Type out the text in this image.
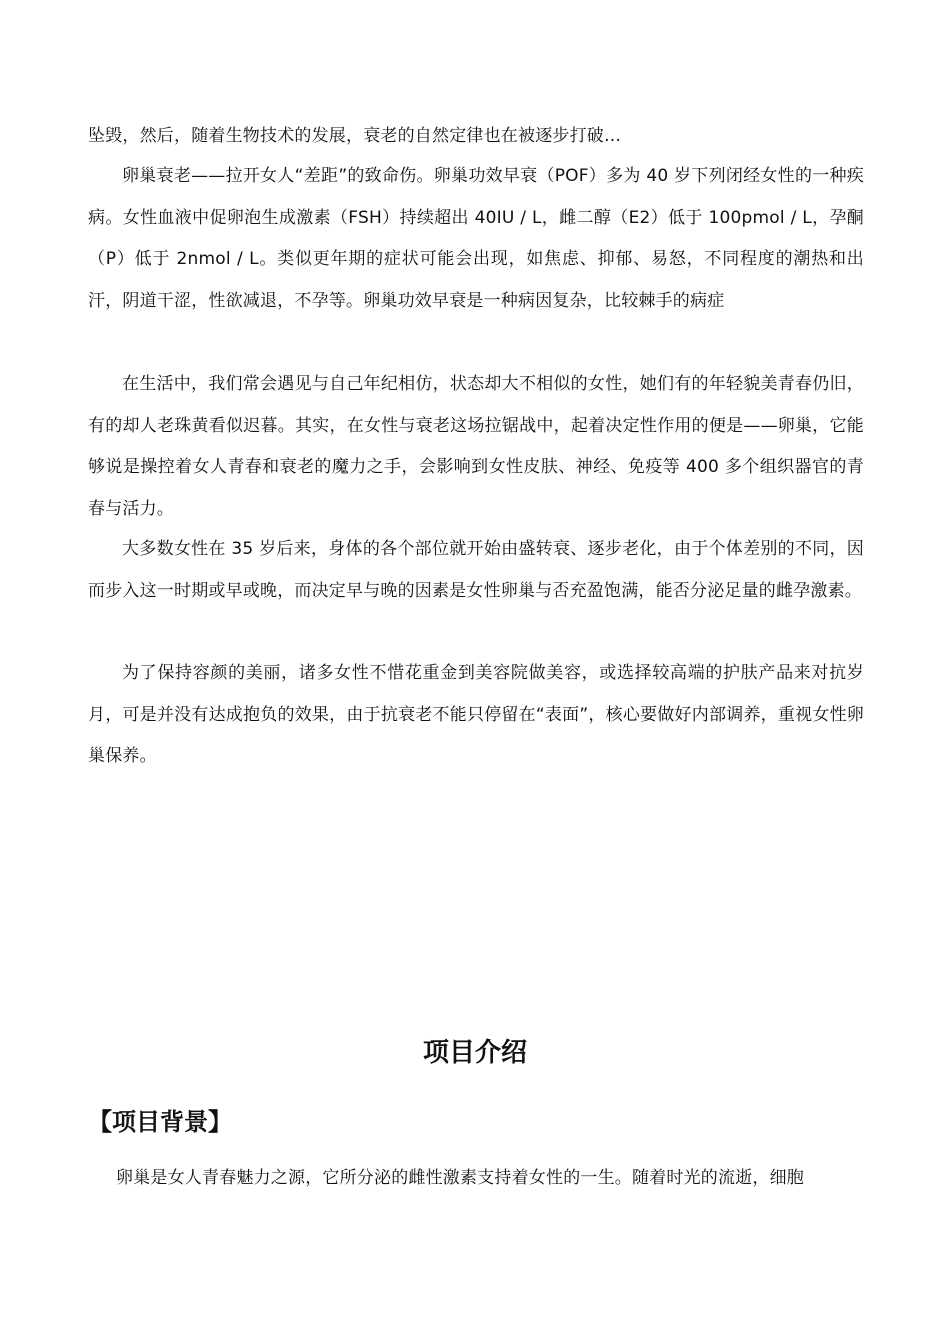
坠毁，然后，随着生物技术的发展，衰老的自然定律也在被逐步打破…

卵巢衰老——拉开女人“差距”的致命伤。卵巢功效早衰（POF）多为 40 岁下列闭经女性的一种疾病。女性血液中促卵泡生成激素（FSH）持续超出 40IU / L，雌二醇（E2）低于 100pmol / L，孕酮（P）低于 2nmol / L。类似更年期的症状可能会出现，如焦虑、抑郁、易怒，不同程度的潮热和出汗，阴道干涩，性欲减退，不孕等。卵巢功效早衰是一种病因复杂，比较棘手的病症

在生活中，我们常会遇见与自己年纪相仿，状态却大不相似的女性，她们有的年轻貌美青春仍旧，有的却人老珠黄看似迟暮。其实，在女性与衰老这场拉锯战中，起着决定性作用的便是——卵巢，它能够说是操控着女人青春和衰老的魔力之手，会影响到女性皮肤、神经、免疫等 400 多个组织器官的青春与活力。

大多数女性在 35 岁后来，身体的各个部位就开始由盛转衰、逐步老化，由于个体差别的不同，因而步入这一时期或早或晚，而决定早与晚的因素是女性卵巢与否充盈饱满，能否分泌足量的雌孕激素。

为了保持容颜的美丽，诸多女性不惜花重金到美容院做美容，或选择较高端的护肤产品来对抗岁月，可是并没有达成抱负的效果，由于抗衰老不能只停留在“表面”，核心要做好内部调养，重视女性卵巢保养。

项目介绍
【项目背景】

卵巢是女人青春魅力之源，它所分泌的雌性激素支持着女性的一生。随着时光的流逝，细胞
